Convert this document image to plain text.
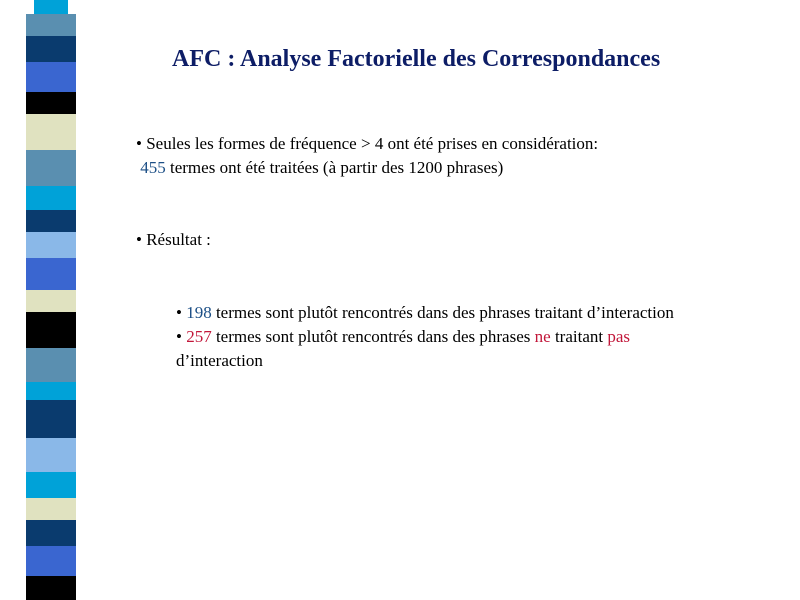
AFC : Analyse Factorielle des Correspondances

• Seules les formes de fréquence > 4 ont été prises en considération:

455 termes ont été traitées (à partir des 1200 phrases)

• Résultat :

• 198 termes sont plutôt rencontrés dans des phrases traitant d’interaction

• 257 termes sont plutôt rencontrés dans des phrases ne traitant pas

d’interaction
